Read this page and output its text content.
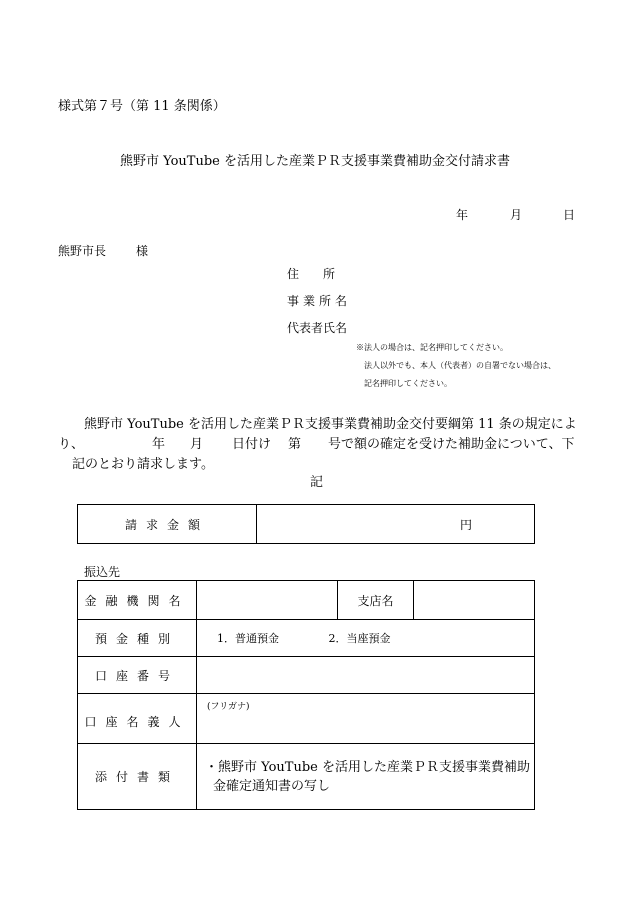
様式第７号（第 11 条関係）
熊野市 YouTube を活用した産業ＰＲ支援事業費補助金交付請求書
年	月	日
熊野市長 様
住　　所
事業所名
代表者氏名
※法人の場合は、記名押印してください。
法人以外でも、本人（代表者）の自署でない場合は、
記名押印してください。
熊野市 YouTube を活用した産業ＰＲ支援事業費補助金交付要綱第 11 条の規定によ
り、	年 月 日付け 第 号で額の確定を受けた補助金について、下
記のとおり請求します。
記
請求金額	円
振込先
金融機関名		支店名	
預金種別	1．普通預金 2．当座預金		
口座番号			
口座名義人	(フリガナ)		
添付書類	・熊野市 YouTube を活用した産業ＰＲ支援事業費補助
金確定通知書の写し		
